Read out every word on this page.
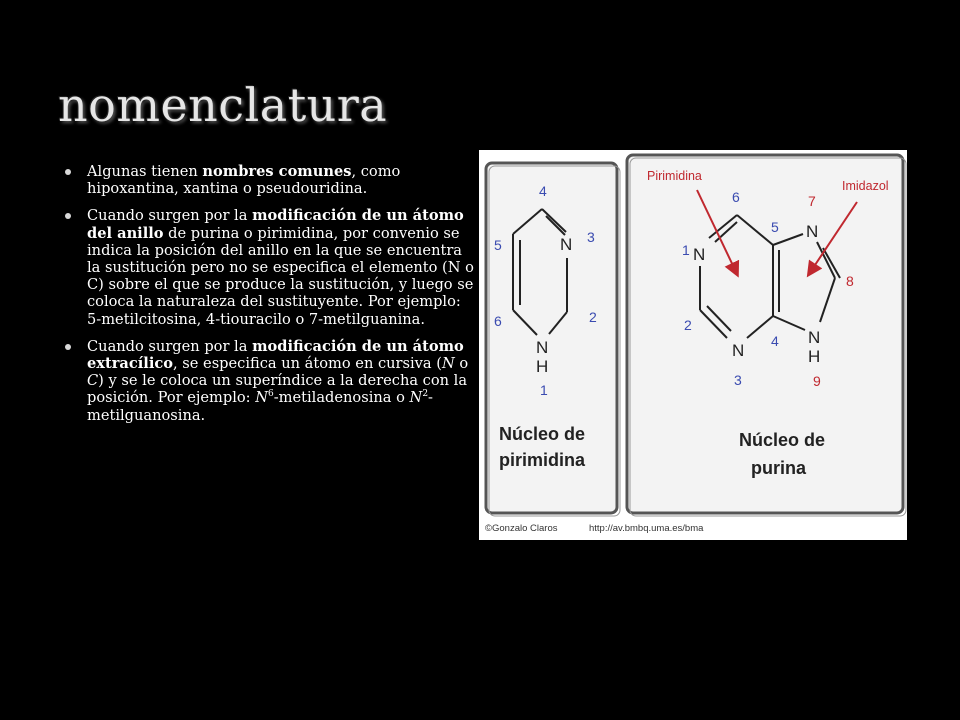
nomenclatura
Algunas tienen nombres comunes, como hipoxantina, xantina o pseudouridina.
Cuando surgen por la modificación de un átomo del anillo de purina o pirimidina, por convenio se indica la posición del anillo en la que se encuentra la sustitución pero no se especifica el elemento (N o C) sobre el que se produce la sustitución, y luego se coloca la naturaleza del sustituyente. Por ejemplo: 5-metilcitosina, 4-tiouracilo o 7-metilguanina.
Cuando surgen por la modificación de un átomo extracílico, se especifica un átomo en cursiva (N o C) y se le coloca un superíndice a la derecha con la posición. Por ejemplo: $N^6$-metiladenosina o $N^2$-metilguanosina.
N
N
H
1
2
3
4
5
6
Núcleo de
pirimidina
Pirimidina
Imidazol
N
N
N
N
H
1
2
3
4
5
6	7
8
9
Núcleo de
purina
©Gonzalo Claros	http://av.bmbq.uma.es/bma
